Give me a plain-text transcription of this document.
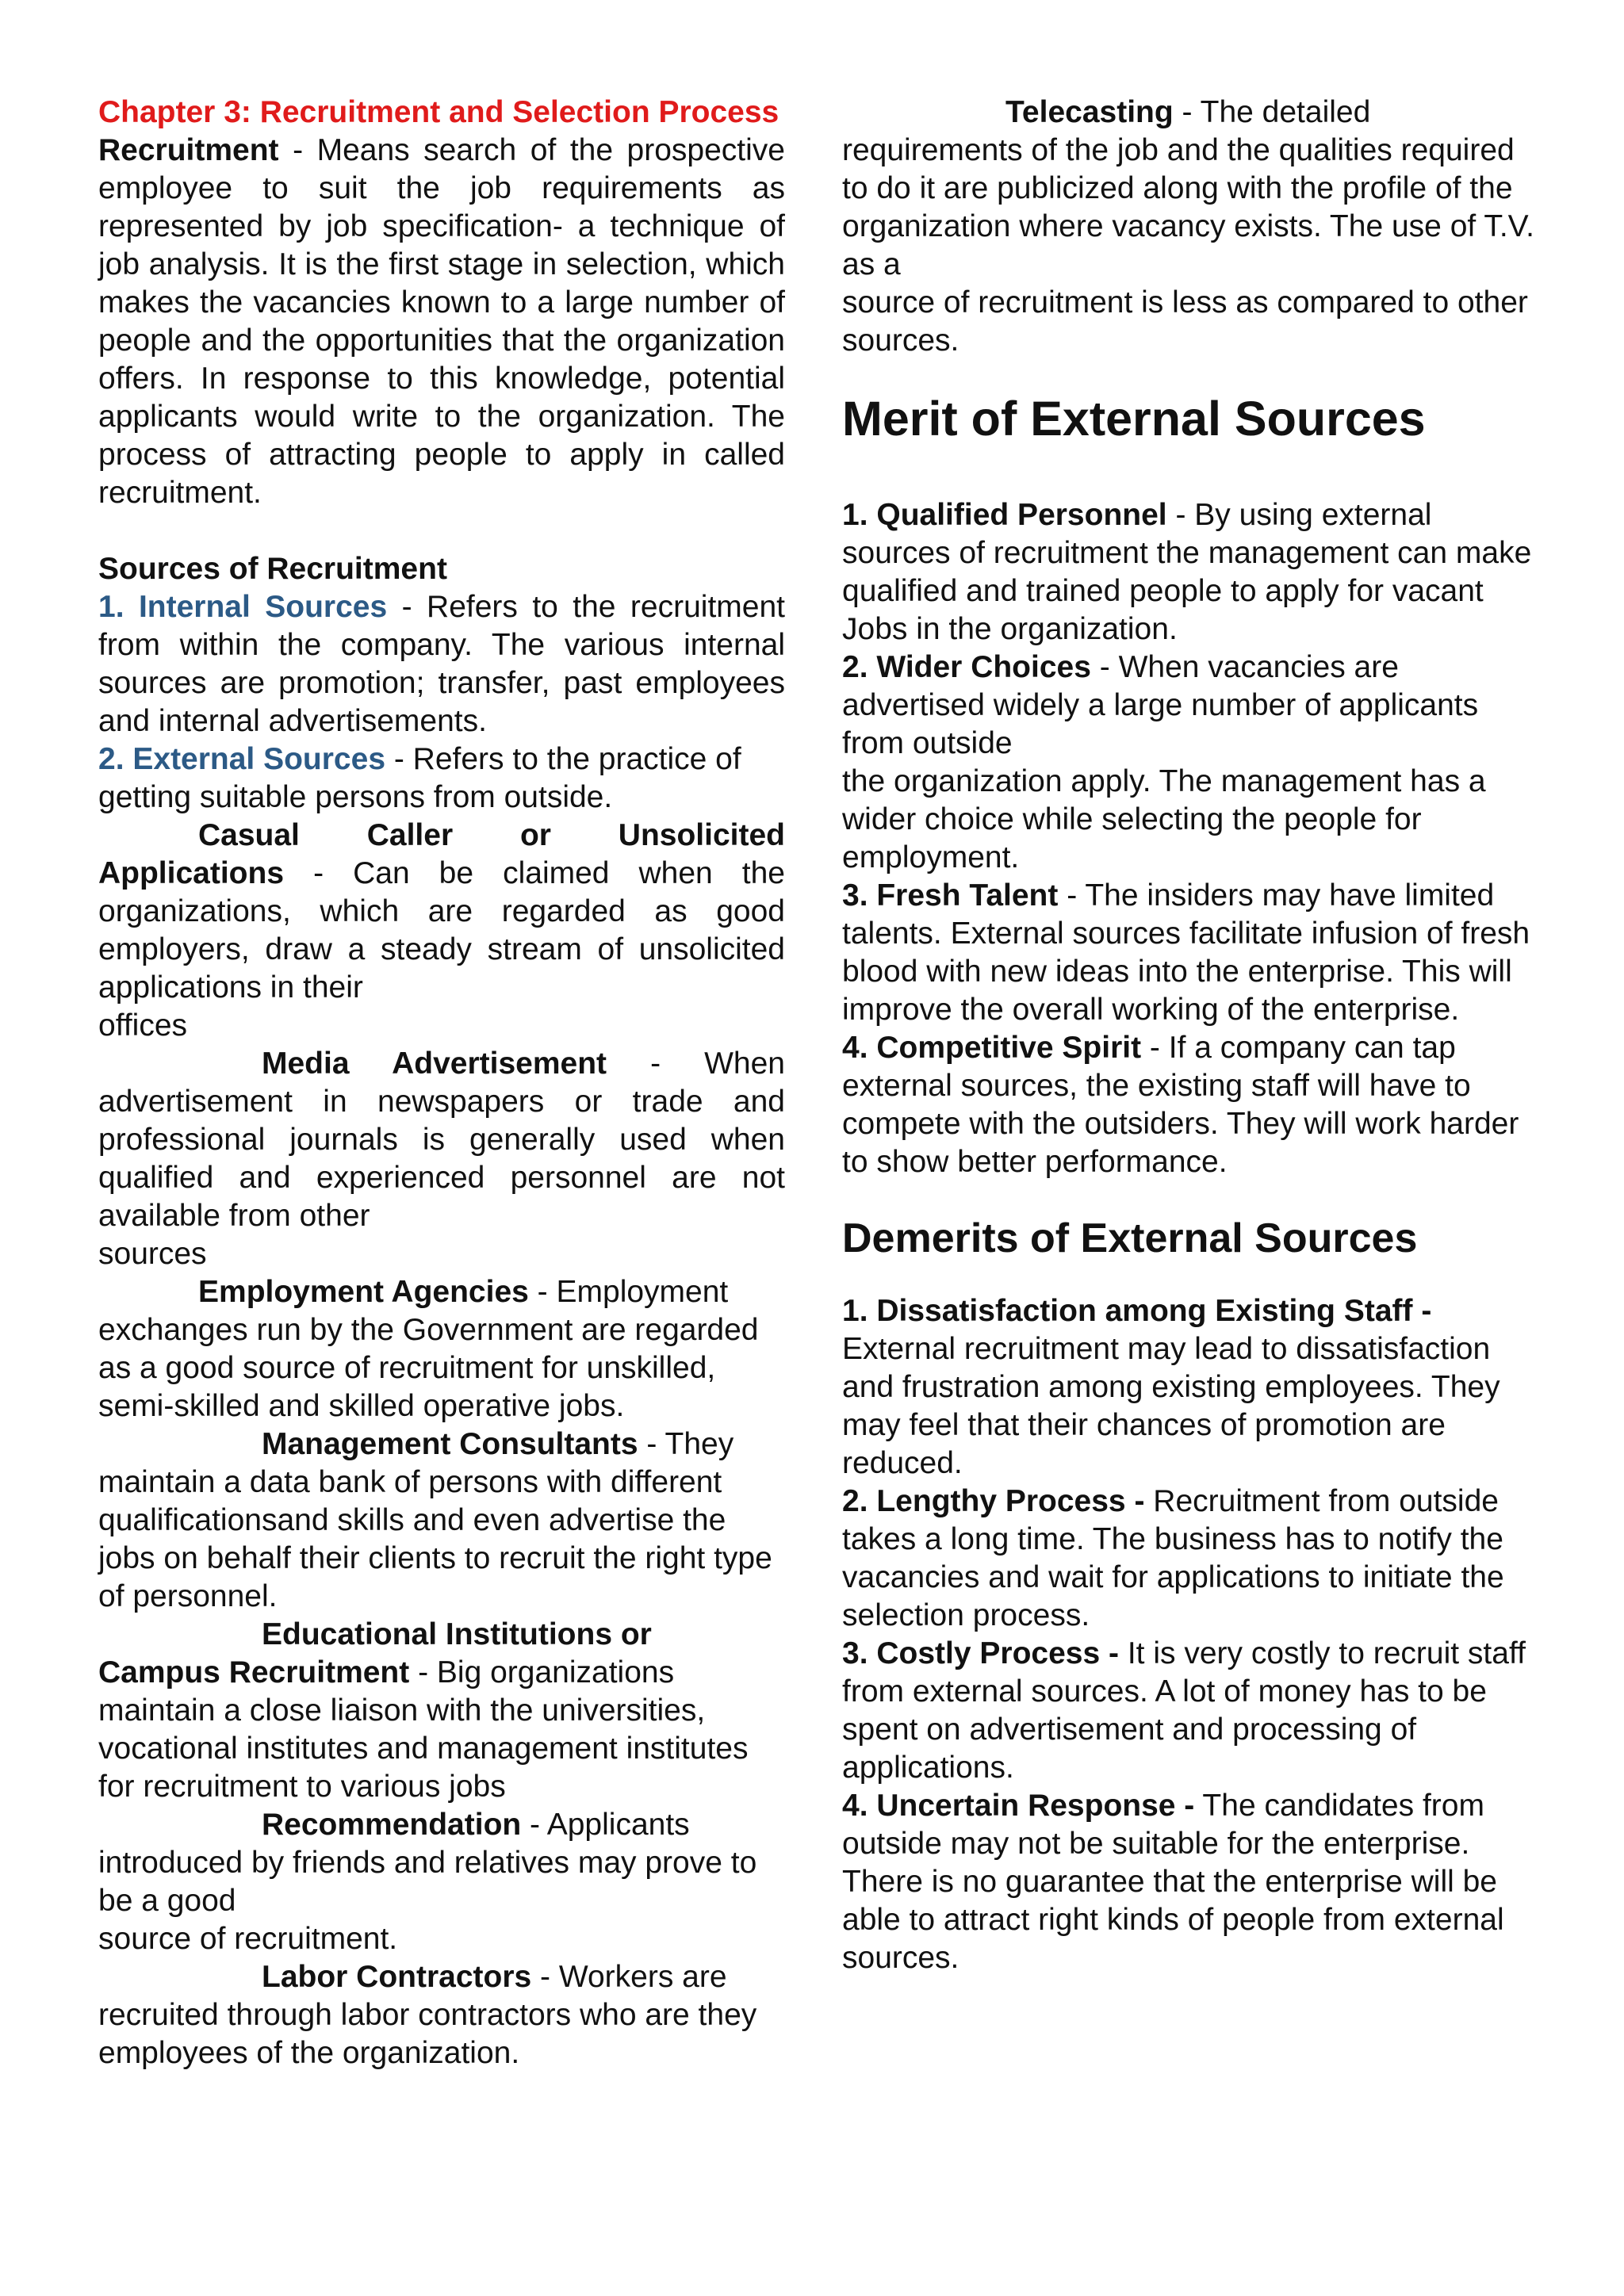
Chapter 3: Recruitment and Selection Process

Recruitment - Means search of the prospective employee to suit the job requirements as represented by job specification- a technique of job analysis. It is the first stage in selection, which makes the vacancies known to a large number of people and the opportunities that the organization offers. In response to this knowledge, potential applicants would write to the organization. The process of attracting people to apply in called recruitment.

Sources of Recruitment

1. Internal Sources - Refers to the recruitment from within the company. The various internal sources are promotion; transfer, past employees and internal advertisements.

2. External Sources - Refers to the practice of getting suitable persons from outside.

Casual Caller or Unsolicited Applications - Can be claimed when the organizations, which are regarded as good employers, draw a steady stream of unsolicited applications in their

offices

Media Advertisement - When advertisement in newspapers or trade and professional journals is generally used when qualified and experienced personnel are not available from other

sources

Employment Agencies - Employment exchanges run by the Government are regarded as a good source of recruitment for unskilled, semi-skilled and skilled operative jobs.

Management Consultants - They maintain a data bank of persons with different qualificationsand skills and even advertise the jobs on behalf their clients to recruit the right type of personnel.

Educational Institutions or
Campus Recruitment - Big organizations maintain a close liaison with the universities, vocational institutes and management institutes for recruitment to various jobs

Recommendation - Applicants introduced by friends and relatives may prove to be a good

source of recruitment.

Labor Contractors - Workers are recruited through labor contractors who are they employees of the organization.

Telecasting - The detailed requirements of the job and the qualities required to do it are publicized along with the profile of the organization where vacancy exists. The use of T.V. as a
source of recruitment is less as compared to other sources.

Merit of External Sources

1. Qualified Personnel - By using external sources of recruitment the management can make
qualified and trained people to apply for vacant Jobs in the organization.

2. Wider Choices - When vacancies are advertised widely a large number of applicants from outside
the organization apply. The management has a wider choice while selecting the people for employment.

3. Fresh Talent - The insiders may have limited talents. External sources facilitate infusion of fresh
blood with new ideas into the enterprise. This will improve the overall working of the enterprise.

4. Competitive Spirit - If a company can tap external sources, the existing staff will have to compete with the outsiders. They will work harder to show better performance.

Demerits of External Sources

1. Dissatisfaction among Existing Staff -
External recruitment may lead to dissatisfaction and frustration among existing employees. They may feel that their chances of promotion are reduced.

2. Lengthy Process - Recruitment from outside takes a long time. The business has to notify the vacancies and wait for applications to initiate the selection process.

3. Costly Process - It is very costly to recruit staff from external sources. A lot of money has to be spent on advertisement and processing of applications.

4. Uncertain Response - The candidates from outside may not be suitable for the enterprise. There is no guarantee that the enterprise will be able to attract right kinds of people from external sources.
